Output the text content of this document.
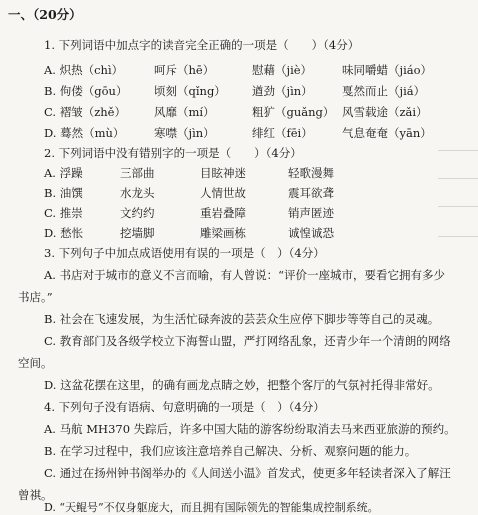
一、（20分）
1. 下列词语中加点字的读音完全正确的一项是（　　）（4分）
A. 炽热（chì）	呵斥（hē）	慰藉（jiè）	味同嚼蜡（jiáo）
B. 佝偻（gōu） 顷刻（qǐng） 遒劲（jìn）	戛然而止（jiá）
C. 褶皱（zhě） 风靡（mí）	粗犷（guǎng） 风雪载途（zǎi）
D. 蓦然（mù）	寒噤（jìn）	绯红（fēi）	气息奄奄（yān）
2. 下列词语中没有错别字的一项是（　　）（4分）
A. 浮躁	三部曲	目眩神迷	轻歌漫舞
B. 油馔	水龙头	人情世故	震耳欲聋
C. 推崇	文约约	重岩叠障	销声匿迹
D. 愁怅	挖墙脚	雕梁画栋	诚惶诚恐
3. 下列句子中加点成语使用有误的一项是（　）（4分）
A. 书店对于城市的意义不言而喻，有人曾说：“评价一座城市，要看它拥有多少
书店。”
B. 社会在飞速发展，为生活忙碌奔波的芸芸众生应停下脚步等等自己的灵魂。
C. 教育部门及各级学校立下海誓山盟，严打网络乱象，还青少年一个清朗的网络
空间。
D. 这盆花摆在这里，的确有画龙点睛之妙，把整个客厅的气氛衬托得非常好。
4. 下列句子没有语病、句意明确的一项是（　）（4分）
A. 马航 MH370 失踪后，许多中国大陆的游客纷纷取消去马来西亚旅游的预约。
B. 在学习过程中，我们应该注意培养自己解决、分析、观察问题的能力。
C. 通过在扬州钟书阁举办的《人间送小温》首发式，使更多年轻读者深入了解汪
曾祺。
D. “天鲲号”不仅身躯庞大，而且拥有国际领先的智能集成控制系统。
